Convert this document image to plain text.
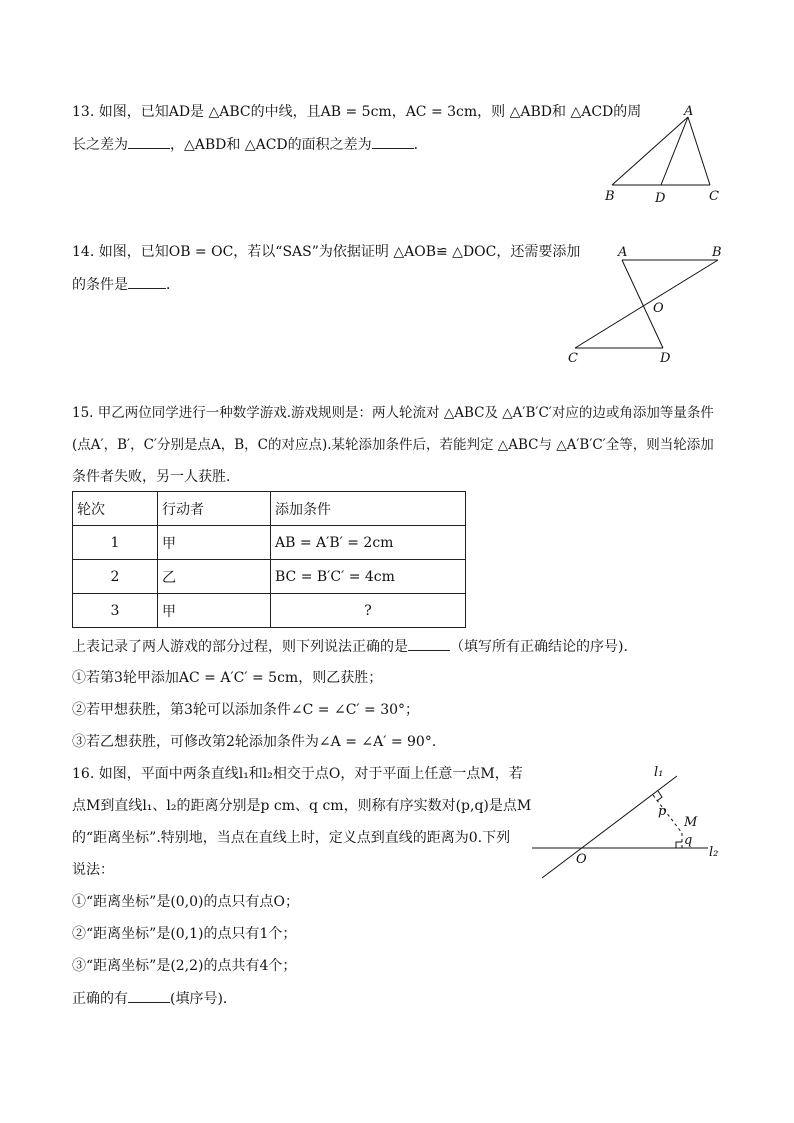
13. 如图，已知AD是 △ABC的中线，且AB = 5cm，AC = 3cm，则 △ABD和 △ACD的周
长之差为	，△ABD和 △ACD的面积之差为	．
A
B	D	C
14. 如图，已知OB = OC，若以“SAS”为依据证明 △AOB≌ △DOC，还需要添加
的条件是	．
A	B
O
C	D
15. 甲乙两位同学进行一种数学游戏.游戏规则是：两人轮流对 △ABC及 △A′B′C′对应的边或角添加等量条件
(点A′，B′，C′分别是点A，B，C的对应点).某轮添加条件后，若能判定 △ABC与 △A′B′C′全等，则当轮添加
条件者失败，另一人获胜．
轮次	行动者	添加条件
1	甲	AB = A′B′ = 2cm
2	乙	BC = B′C′ = 4cm
3	甲	?
上表记录了两人游戏的部分过程，则下列说法正确的是	（填写所有正确结论的序号)．
①若第3轮甲添加AC = A′C′ = 5cm，则乙获胜；
②若甲想获胜，第3轮可以添加条件∠C = ∠C′ = 30°；
③若乙想获胜，可修改第2轮添加条件为∠A = ∠A′ = 90°．
16. 如图，平面中两条直线l₁和l₂相交于点O，对于平面上任意一点M，若
点M到直线l₁、l₂的距离分别是p cm、q cm，则称有序实数对(p,q)是点M
的“距离坐标”.特别地，当点在直线上时，定义点到直线的距离为0.下列
说法：
①“距离坐标”是(0,0)的点只有点O；
②“距离坐标”是(0,1)的点只有1个；
③“距离坐标”是(2,2)的点共有4个；
正确的有	(填序号)．
l₁
l₂
O
M
p
q
